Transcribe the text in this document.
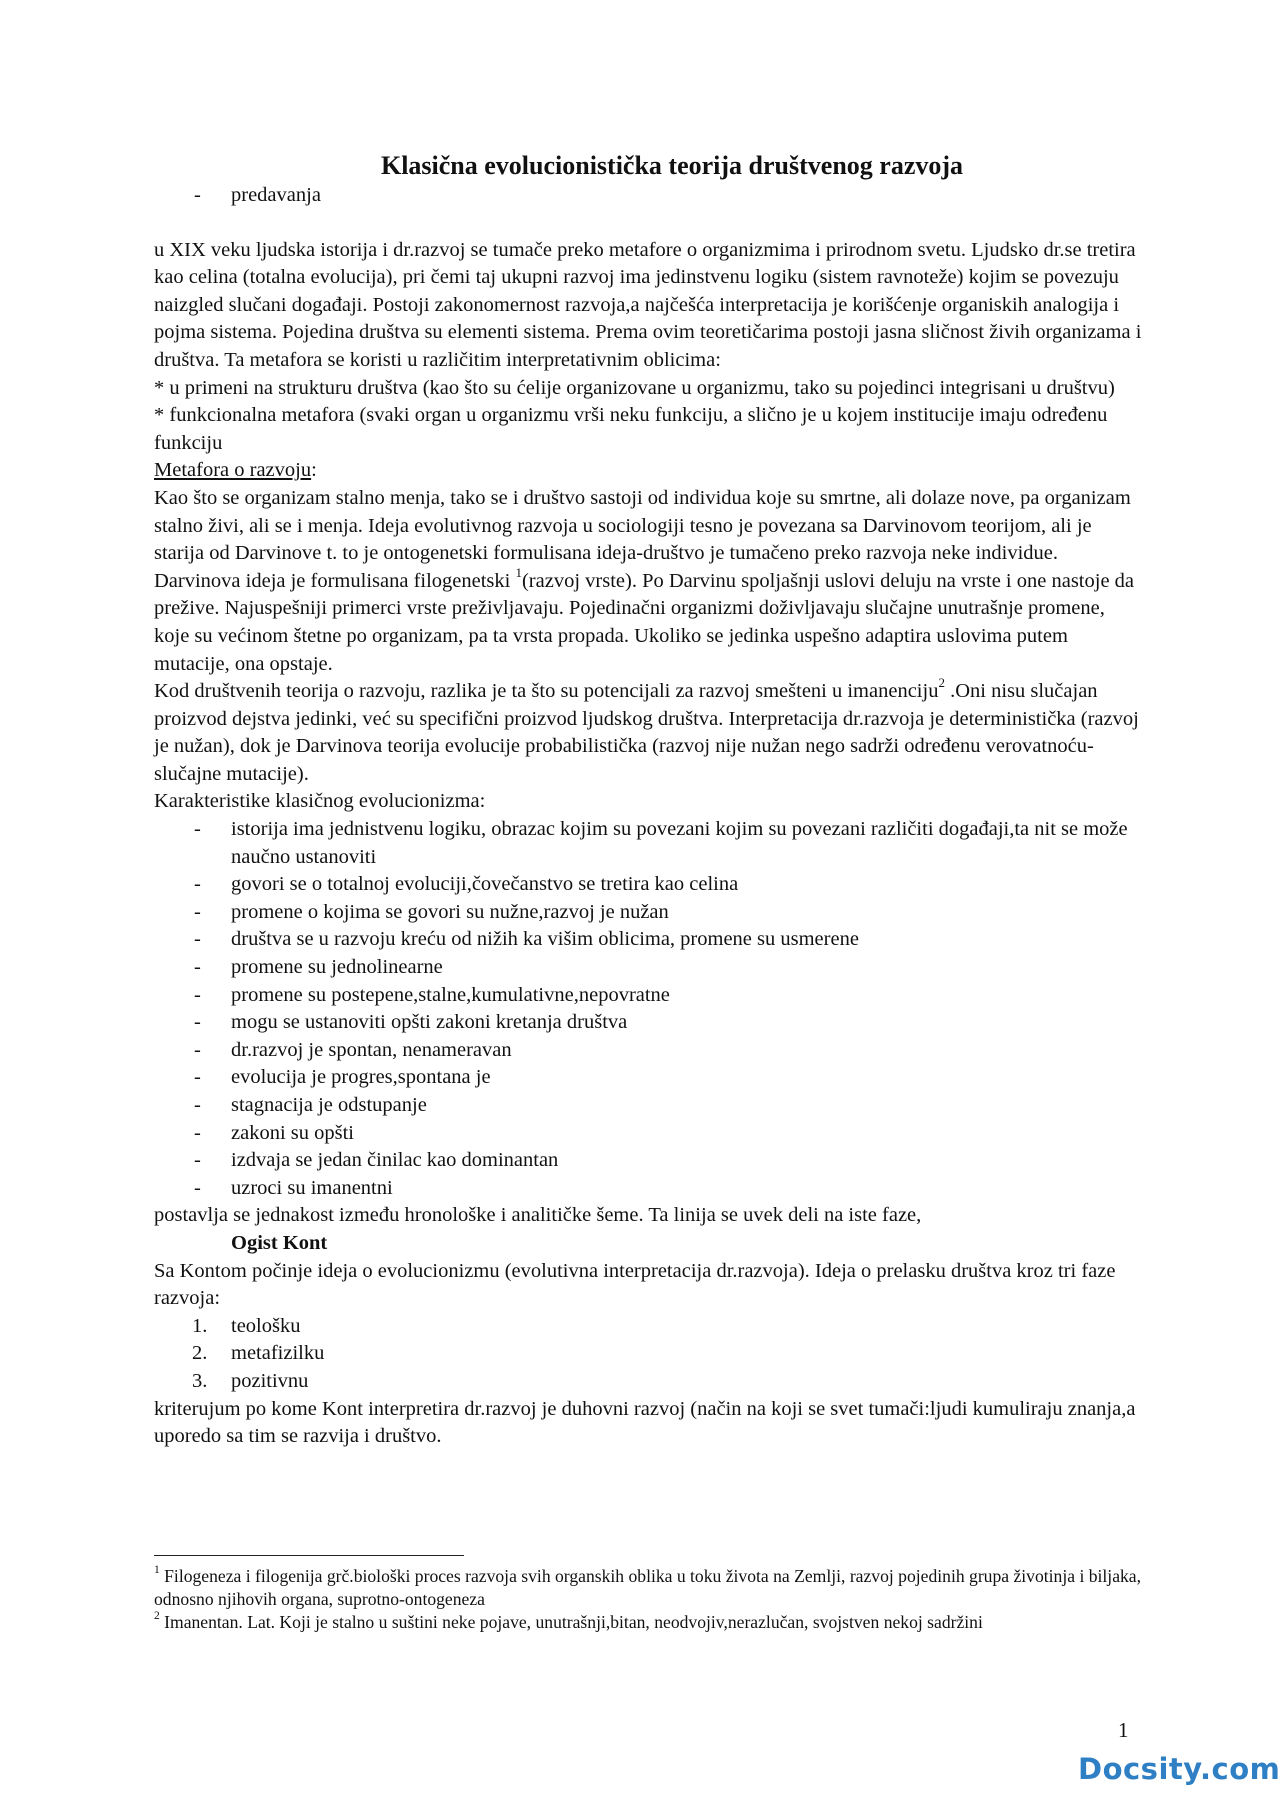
Klasična evolucionistička teorija društvenog razvoja
- predavanja

u XIX veku ljudska istorija i dr.razvoj se tumače preko metafore o organizmima i prirodnom svetu. Ljudsko dr.se tretira kao celina (totalna evolucija), pri čemi taj ukupni razvoj ima jedinstvenu logiku (sistem ravnoteže) kojim se povezuju naizgled slučani događaji. Postoji zakonomernost razvoja,a najčešća interpretacija je korišćenje organiskih analogija i pojma sistema. Pojedina društva su elementi sistema. Prema ovim teoretičarima postoji jasna sličnost živih organizama i društva. Ta metafora se koristi u različitim interpretativnim oblicima:

* u primeni na strukturu društva (kao što su ćelije organizovane u organizmu, tako su pojedinci integrisani u društvu)

* funkcionalna metafora (svaki organ u organizmu vrši neku funkciju, a slično je u kojem institucije imaju određenu funkciju

Metafora o razvoju:

Kao što se organizam stalno menja, tako se i društvo sastoji od individua koje su smrtne, ali dolaze nove, pa organizam stalno živi, ali se i menja. Ideja evolutivnog razvoja u sociologiji tesno je povezana sa Darvinovom teorijom, ali je starija od Darvinove t. to je ontogenetski formulisana ideja-društvo je tumačeno preko razvoja neke individue.

Darvinova ideja je formulisana filogenetski $^1$(razvoj vrste). Po Darvinu spoljašnji uslovi deluju na vrste i one nastoje da prežive. Najuspešniji primerci vrste preživljavaju. Pojedinačni organizmi doživljavaju slučajne unutrašnje promene, koje su većinom štetne po organizam, pa ta vrsta propada. Ukoliko se jedinka uspešno adaptira uslovima putem mutacije, ona opstaje.

Kod društvenih teorija o razvoju, razlika je ta što su potencijali za razvoj smešteni u imanenciju$^2$ .Oni nisu slučajan proizvod dejstva jedinki, već su specifični proizvod ljudskog društva. Interpretacija dr.razvoja je deterministička (razvoj je nužan), dok je Darvinova teorija evolucije probabilistička (razvoj nije nužan nego sadrži određenu verovatnoću-slučajne mutacije).

Karakteristike klasičnog evolucionizma:

- istorija ima jednistvenu logiku, obrazac kojim su povezani kojim su povezani različiti događaji,ta nit se može naučno ustanoviti
- govori se o totalnoj evoluciji,čovečanstvo se tretira kao celina
- promene o kojima se govori su nužne,razvoj je nužan
- društva se u razvoju kreću od nižih ka višim oblicima, promene su usmerene
- promene su jednolinearne
- promene su postepene,stalne,kumulativne,nepovratne
- mogu se ustanoviti opšti zakoni kretanja društva
- dr.razvoj je spontan, nenameravan
- evolucija je progres,spontana je
- stagnacija je odstupanje
- zakoni su opšti
- izdvaja se jedan činilac kao dominantan
- uzroci su imanentni

postavlja se jednakost između hronološke i analitičke šeme. Ta linija se uvek deli na iste faze,

Ogist Kont

Sa Kontom počinje ideja o evolucionizmu (evolutivna interpretacija dr.razvoja). Ideja o prelasku društva kroz tri faze razvoja:

1. teološku
2. metafizilku
3. pozitivnu

kriterujum po kome Kont interpretira dr.razvoj je duhovni razvoj (način na koji se svet tumači:ljudi kumuliraju znanja,a uporedo sa tim se razvija i društvo.

$^1$ Filogeneza i filogenija grč.biološki proces razvoja svih organskih oblika u toku života na Zemlji, razvoj pojedinih grupa životinja i biljaka, odnosno njihovih organa, suprotno-ontogeneza

$^2$ Imanentan. Lat. Koji je stalno u suštini neke pojave, unutrašnji,bitan, neodvojiv,nerazlučan, svojstven nekoj sadržini

1
Docsity.com
